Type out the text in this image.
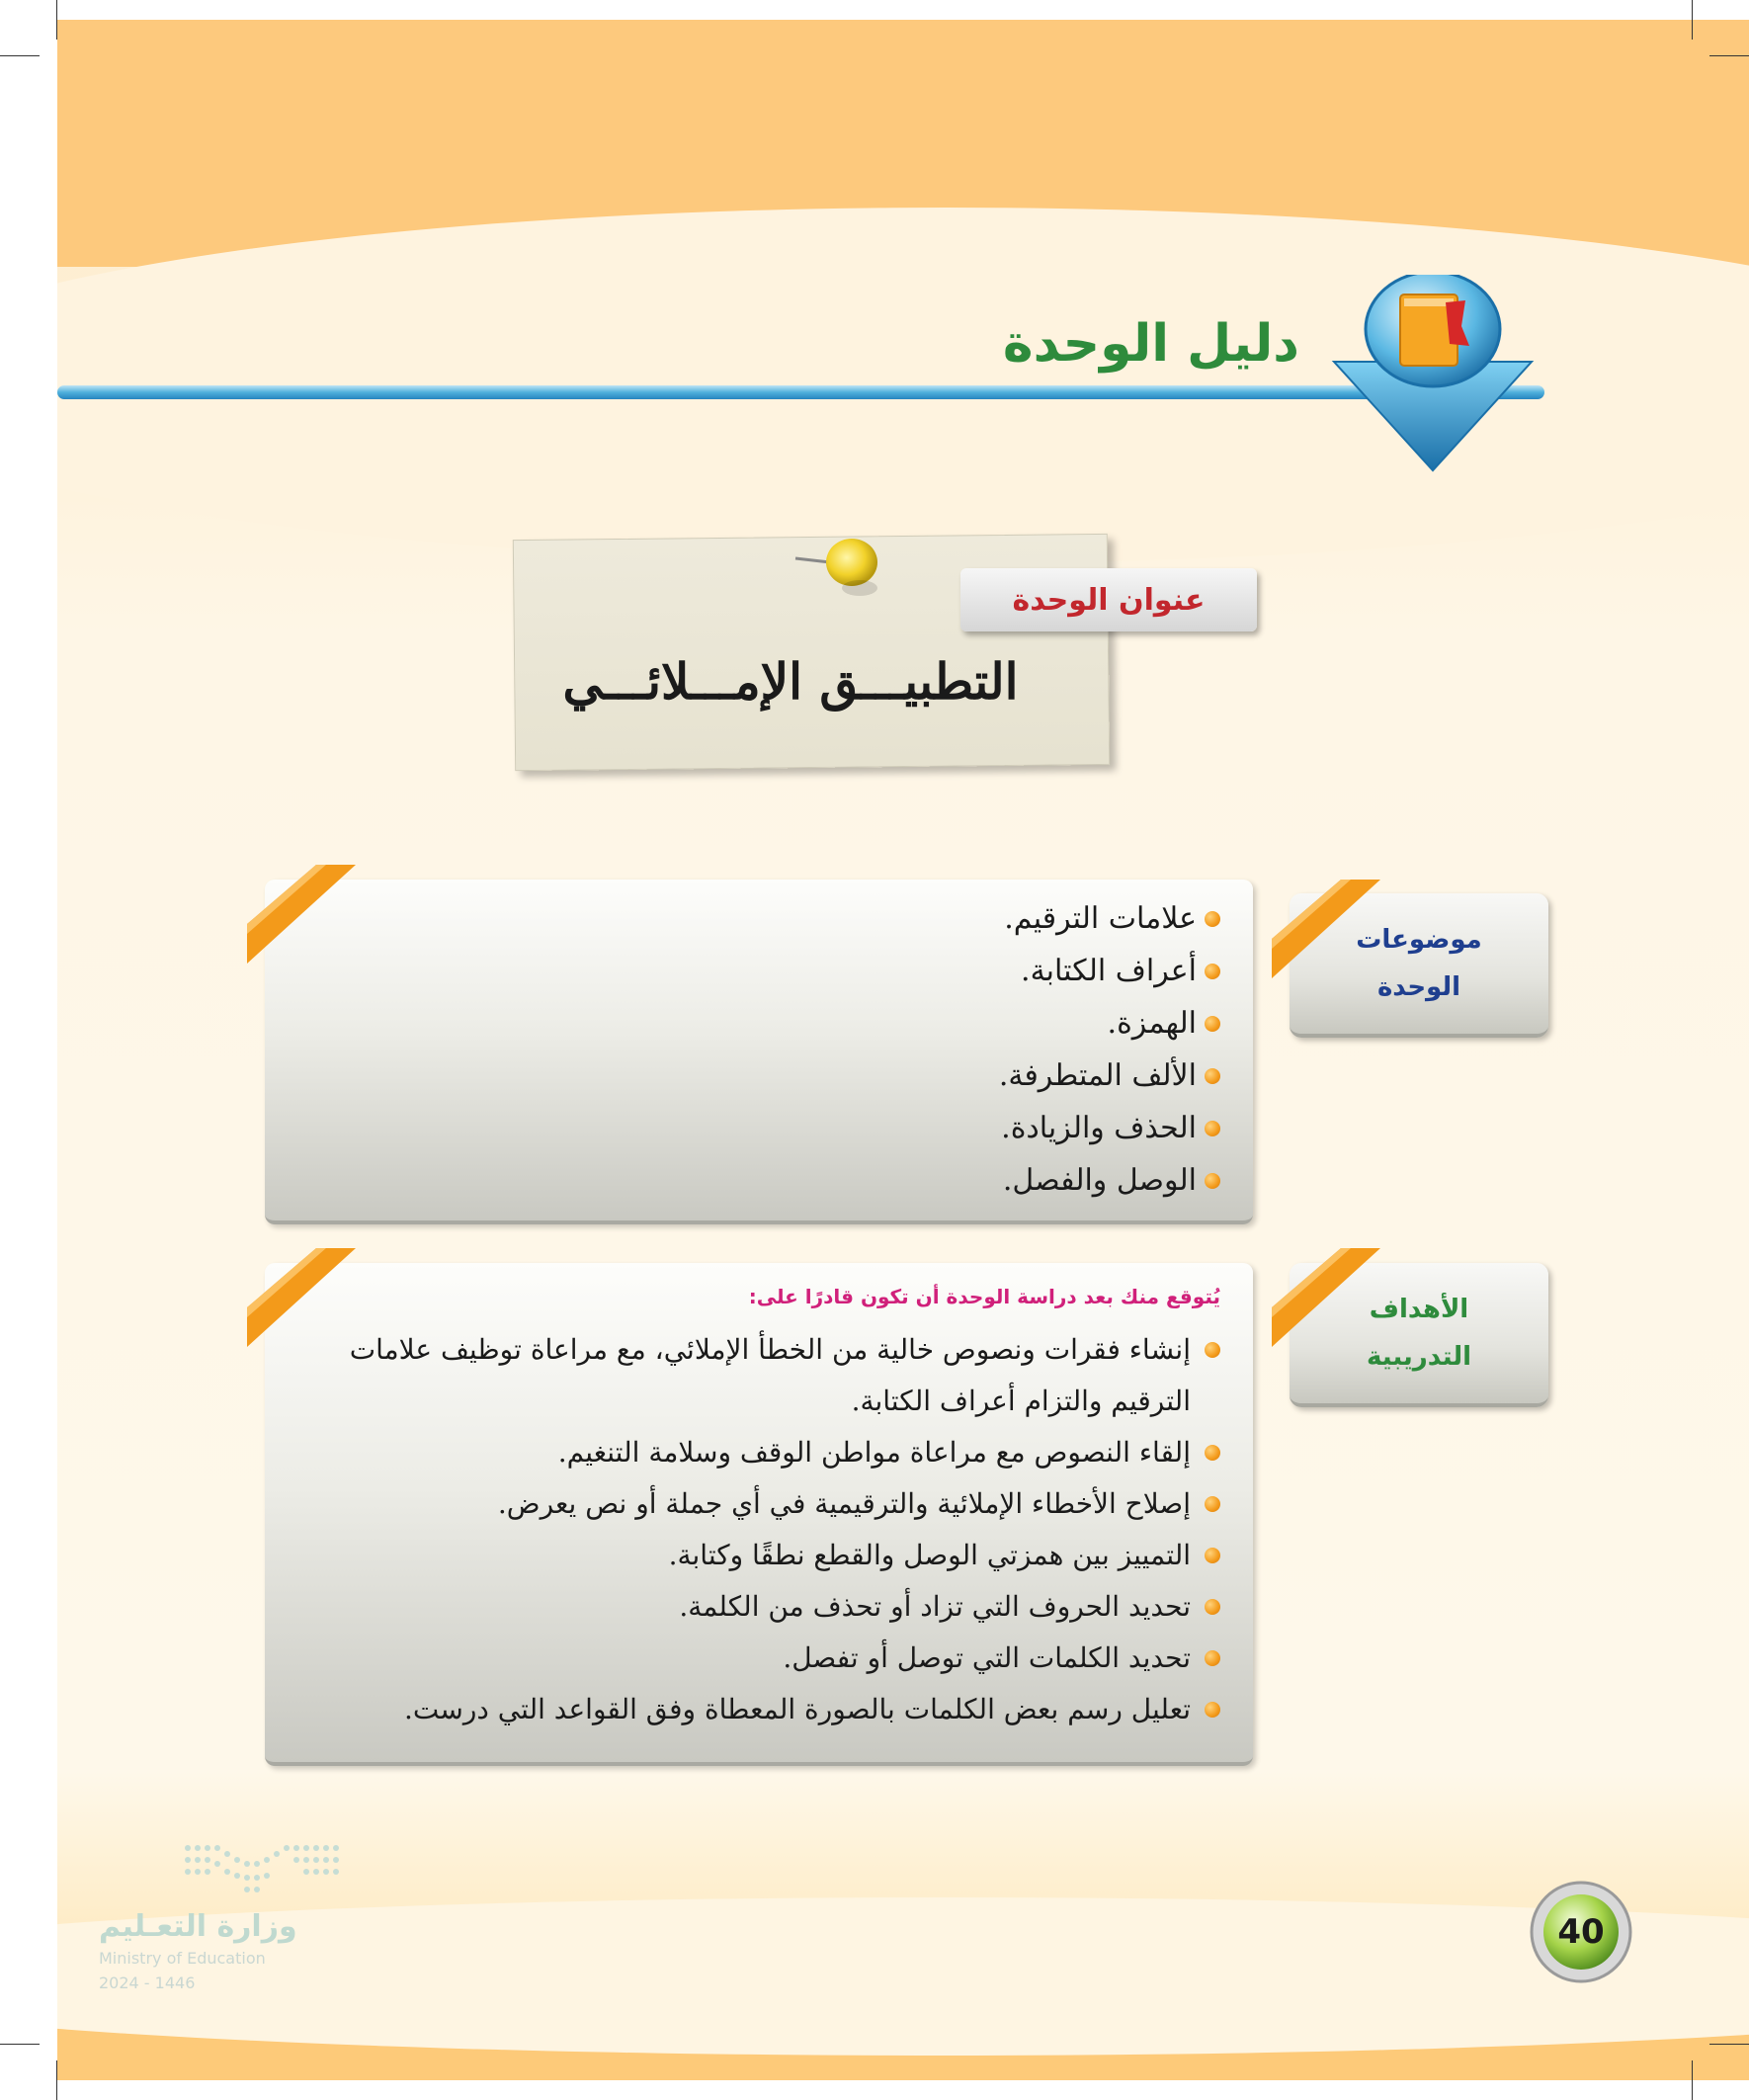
دليل الوحدة
عنوان الوحدة
التطبيـــق الإمـــلائـــي
موضوعات
الوحدة
علامات الترقيم.
أعراف الكتابة.
الهمزة.
الألف المتطرفة.
الحذف والزيادة.
الوصل والفصل.
الأهداف
التدريبية
يُتوقع منك بعد دراسة الوحدة أن تكون قادرًا على:
إنشاء فقرات ونصوص خالية من الخطأ الإملائي، مع مراعاة توظيف علامات الترقيم والتزام أعراف الكتابة.
إلقاء النصوص مع مراعاة مواطن الوقف وسلامة التنغيم.
إصلاح الأخطاء الإملائية والترقيمية في أي جملة أو نص يعرض.
التمييز بين همزتي الوصل والقطع نطقًا وكتابة.
تحديد الحروف التي تزاد أو تحذف من الكلمة.
تحديد الكلمات التي توصل أو تفصل.
تعليل رسم بعض الكلمات بالصورة المعطاة وفق القواعد التي درست.
وزارة التعـليم
Ministry of Education
2024 - 1446
40
